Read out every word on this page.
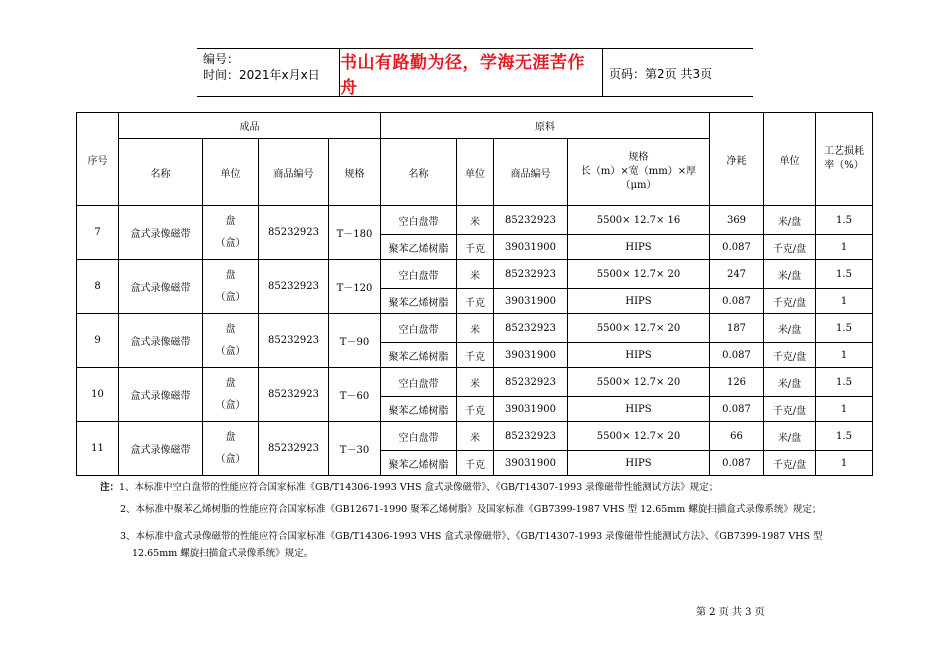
编号：
时间：2021年x月x日
书山有路勤为径，学海无涯苦作舟
页码：第2页 共3页
序号	成品				原料				净耗	单位	工艺损耗
率（%）

	名称	单位	商品编号	规格	名称	单位	商品编号	规格
长（m）×宽（mm）×厚
（μm）			

7	盒式录像磁带	盘
（盒）	85232923	T－180	空白盘带	米	85232923	5500× 12.7× 16	369	米/盘	1.5
					聚苯乙烯树脂	千克	39031900	HIPS	0.087	千克/盘	1
8	盒式录像磁带	盘
（盒）	85232923	T－120	空白盘带	米	85232923	5500× 12.7× 20	247	米/盘	1.5
					聚苯乙烯树脂	千克	39031900	HIPS	0.087	千克/盘	1
9	盒式录像磁带	盘
（盒）	85232923	T－90	空白盘带	米	85232923	5500× 12.7× 20	187	米/盘	1.5
					聚苯乙烯树脂	千克	39031900	HIPS	0.087	千克/盘	1
10	盒式录像磁带	盘
（盒）	85232923	T－60	空白盘带	米	85232923	5500× 12.7× 20	126	米/盘	1.5
					聚苯乙烯树脂	千克	39031900	HIPS	0.087	千克/盘	1
11	盒式录像磁带	盘
（盒）	85232923	T－30	空白盘带	米	85232923	5500× 12.7× 20	66	米/盘	1.5
					聚苯乙烯树脂	千克	39031900	HIPS	0.087	千克/盘	1
注：1、本标准中空白盘带的性能应符合国家标准《GB/T14306-1993 VHS 盒式录像磁带》、《GB/T14307-1993 录像磁带性能测试方法》规定；
2、本标准中聚苯乙烯树脂的性能应符合国家标准《GB12671-1990 聚苯乙烯树脂》及国家标准《GB7399-1987 VHS 型 12.65mm 螺旋扫描盒式录像系统》规定；
3、本标准中盒式录像磁带的性能应符合国家标准《GB/T14306-1993 VHS 盒式录像磁带》、《GB/T14307-1993 录像磁带性能测试方法》、《GB7399-1987 VHS 型
12.65mm 螺旋扫描盒式录像系统》规定。
第 2 页 共 3 页
